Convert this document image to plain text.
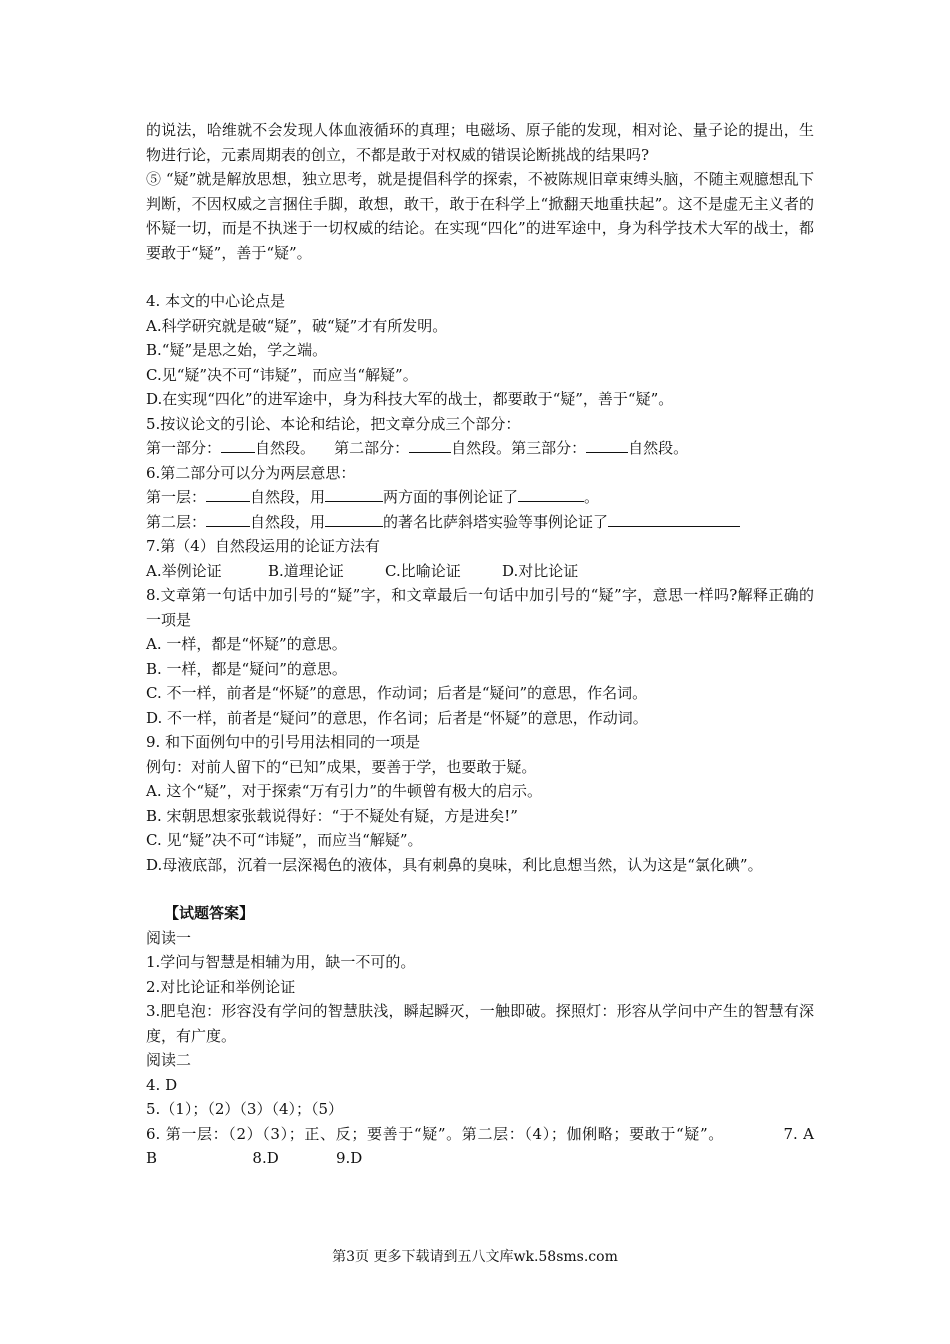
的说法，哈维就不会发现人体血液循环的真理；电磁场、原子能的发现，相对论、量子论的提出，生物进行论，元素周期表的创立，不都是敢于对权威的错误论断挑战的结果吗?

⑤ “疑”就是解放思想，独立思考，就是提倡科学的探索，不被陈规旧章束缚头脑，不随主观臆想乱下判断，不因权威之言捆住手脚，敢想，敢干，敢于在科学上“掀翻天地重扶起”。这不是虚无主义者的怀疑一切，而是不执迷于一切权威的结论。在实现“四化”的进军途中，身为科学技术大军的战士，都要敢于“疑”，善于“疑”。

4. 本文的中心论点是

A.科学研究就是破“疑”，破“疑”才有所发明。

B.“疑”是思之始，学之端。

C.见“疑”决不可“讳疑”，而应当“解疑”。

D.在实现“四化”的进军途中，身为科技大军的战士，都要敢于“疑”，善于“疑”。

5.按议论文的引论、本论和结论，把文章分成三个部分：

第一部分： 自然段。 第二部分：	自然段。第三部分：	自然段。

6.第二部分可以分为两层意思：

第一层：	自然段，用	两方面的事例论证了	。

第二层：	自然段，用	的著名比萨斜塔实验等事例论证了

7.第（4）自然段运用的论证方法有

A.举例论证	B.道理论证	C.比喻论证	D.对比论证

8.文章第一句话中加引号的“疑”字，和文章最后一句话中加引号的“疑”字，意思一样吗?解释正确的一项是

A. 一样，都是“怀疑”的意思。

B. 一样，都是“疑问”的意思。

C. 不一样，前者是“怀疑”的意思，作动词；后者是“疑问”的意思，作名词。

D. 不一样，前者是“疑问”的意思，作名词；后者是“怀疑”的意思，作动词。

9. 和下面例句中的引号用法相同的一项是

例句：对前人留下的“已知”成果，要善于学，也要敢于疑。

A. 这个“疑”，对于探索“万有引力”的牛顿曾有极大的启示。

B. 宋朝思想家张载说得好：“于不疑处有疑，方是进矣!”

C. 见“疑”决不可“讳疑”，而应当“解疑”。

D.母液底部，沉着一层深褐色的液体，具有刺鼻的臭味，利比息想当然，认为这是“氯化碘”。

【试题答案】

阅读一

1.学问与智慧是相辅为用，缺一不可的。

2.对比论证和举例论证

3.肥皂泡：形容没有学问的智慧肤浅，瞬起瞬灭，一触即破。探照灯：形容从学问中产生的智慧有深度，有广度。

阅读二

4. D

5.（1）；（2）（3）（4）；（5）

6. 第一层：（2）（3）；正、反；要善于“疑”。第二层：（4）；伽俐略；要敢于“疑”。	7. A B	8.D	9.D

第3页 更多下载请到五八文库wk.58sms.com
